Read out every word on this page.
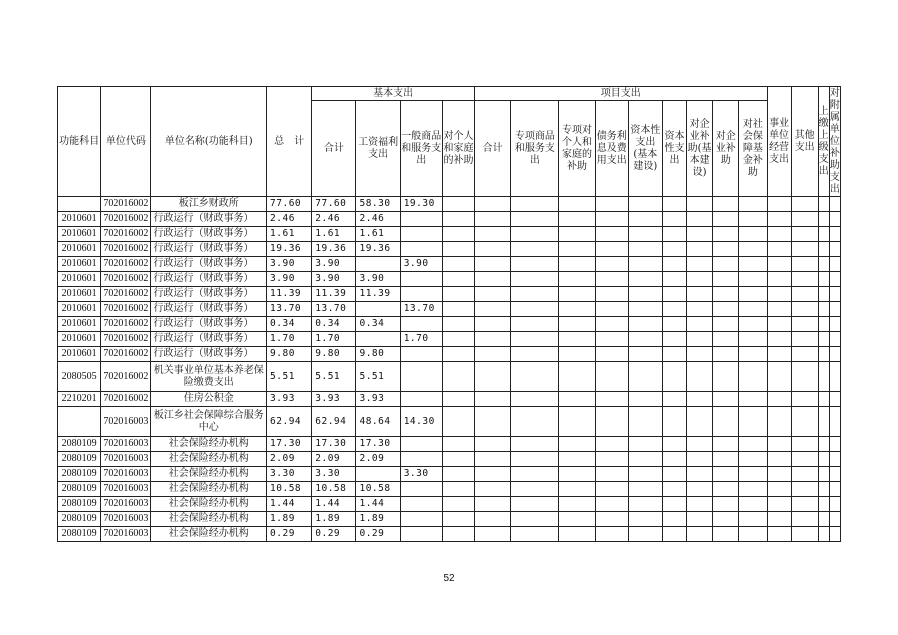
功能科目	单位代码	单位名称(功能科目)	总　计	基本支出				项目支出									事业单位经营支出	其他支出	上缴上级支出	对附属单位补助支出
				合计	工资福利支出	一般商品和服务支出	对个人和家庭的补助	合计	专项商品和服务支出	专项对个人和家庭的补助	债务利息及费用支出	资本性支出(基本建设)	资本性支出	对企业补助(基本建设)	对企业补助	对社会保障基金补助				
	702016002	板江乡财政所	77.60	77.60	58.30	19.30														
2010601	702016002	行政运行（财政事务）	2.46	2.46	2.46															
2010601	702016002	行政运行（财政事务）	1.61	1.61	1.61															
2010601	702016002	行政运行（财政事务）	19.36	19.36	19.36															
2010601	702016002	行政运行（财政事务）	3.90	3.90		3.90														
2010601	702016002	行政运行（财政事务）	3.90	3.90	3.90															
2010601	702016002	行政运行（财政事务）	11.39	11.39	11.39															
2010601	702016002	行政运行（财政事务）	13.70	13.70		13.70														
2010601	702016002	行政运行（财政事务）	0.34	0.34	0.34															
2010601	702016002	行政运行（财政事务）	1.70	1.70		1.70														
2010601	702016002	行政运行（财政事务）	9.80	9.80	9.80															
2080505	702016002	机关事业单位基本养老保险缴费支出	5.51	5.51	5.51															
2210201	702016002	住房公积金	3.93	3.93	3.93															
	702016003	板江乡社会保障综合服务中心	62.94	62.94	48.64	14.30														
2080109	702016003	社会保险经办机构	17.30	17.30	17.30															
2080109	702016003	社会保险经办机构	2.09	2.09	2.09															
2080109	702016003	社会保险经办机构	3.30	3.30		3.30														
2080109	702016003	社会保险经办机构	10.58	10.58	10.58															
2080109	702016003	社会保险经办机构	1.44	1.44	1.44															
2080109	702016003	社会保险经办机构	1.89	1.89	1.89															
2080109	702016003	社会保险经办机构	0.29	0.29	0.29															
52
